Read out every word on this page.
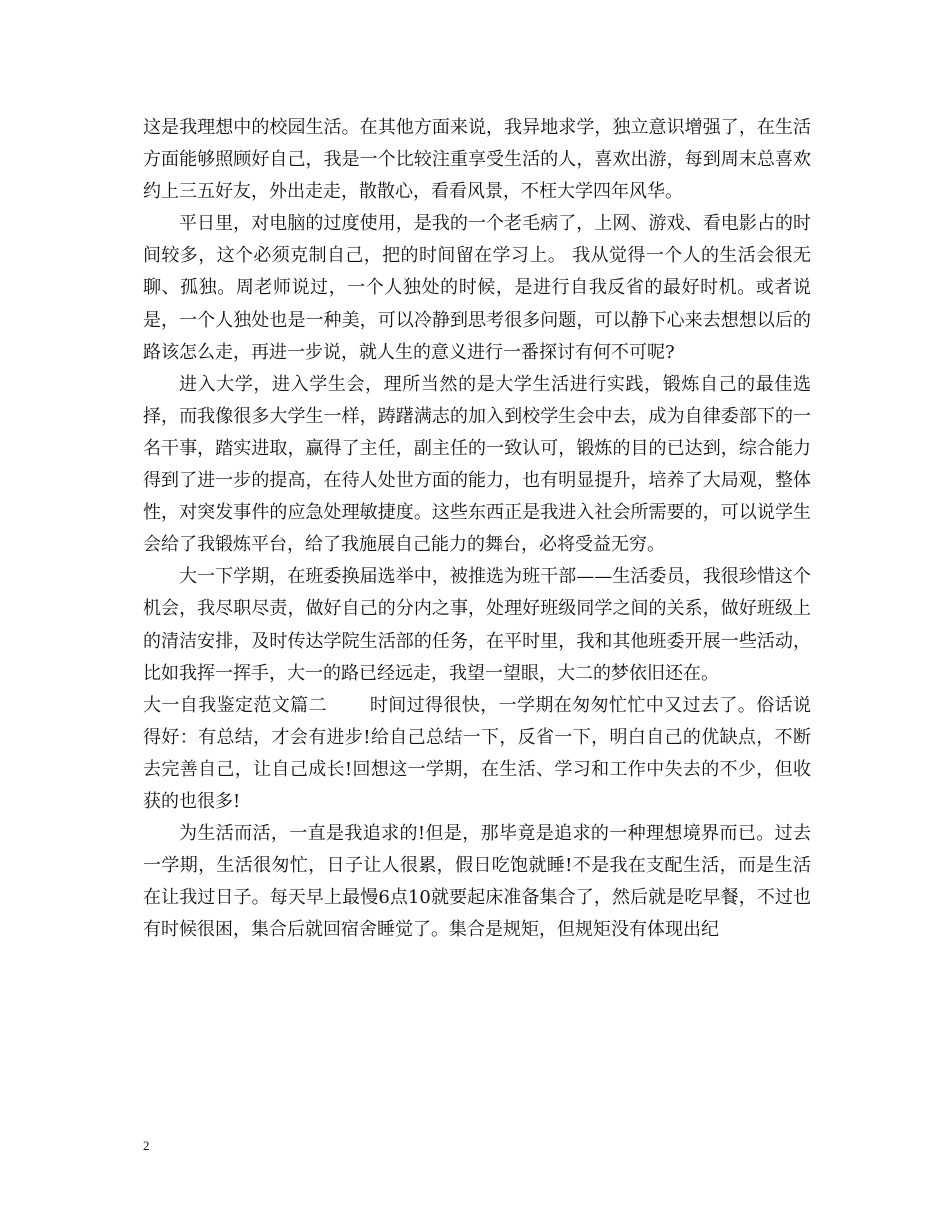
这是我理想中的校园生活。在其他方面来说，我异地求学，独立意识增强了，在生活方面能够照顾好自己，我是一个比较注重享受生活的人，喜欢出游，每到周末总喜欢约上三五好友，外出走走，散散心，看看风景，不枉大学四年风华。

平日里，对电脑的过度使用，是我的一个老毛病了，上网、游戏、看电影占的时间较多，这个必须克制自己，把的时间留在学习上。 我从觉得一个人的生活会很无聊、孤独。周老师说过，一个人独处的时候，是进行自我反省的最好时机。或者说是，一个人独处也是一种美，可以冷静到思考很多问题，可以静下心来去想想以后的路该怎么走，再进一步说，就人生的意义进行一番探讨有何不可呢?

进入大学，进入学生会，理所当然的是大学生活进行实践，锻炼自己的最佳选择，而我像很多大学生一样，踌躇满志的加入到校学生会中去，成为自律委部下的一名干事，踏实进取，赢得了主任，副主任的一致认可，锻炼的目的已达到，综合能力得到了进一步的提高，在待人处世方面的能力，也有明显提升，培养了大局观，整体性，对突发事件的应急处理敏捷度。这些东西正是我进入社会所需要的，可以说学生会给了我锻炼平台，给了我施展自己能力的舞台，必将受益无穷。

大一下学期，在班委换届选举中，被推选为班干部——生活委员，我很珍惜这个机会，我尽职尽责，做好自己的分内之事，处理好班级同学之间的关系，做好班级上的清洁安排，及时传达学院生活部的任务，在平时里，我和其他班委开展一些活动，比如我挥一挥手，大一的路已经远走，我望一望眼，大二的梦依旧还在。

大一自我鉴定范文篇二 时间过得很快，一学期在匆匆忙忙中又过去了。俗话说得好：有总结，才会有进步!给自己总结一下，反省一下，明白自己的优缺点，不断去完善自己，让自己成长!回想这一学期，在生活、学习和工作中失去的不少，但收获的也很多!

为生活而活，一直是我追求的!但是，那毕竟是追求的一种理想境界而已。过去一学期，生活很匆忙，日子让人很累，假日吃饱就睡!不是我在支配生活，而是生活在让我过日子。每天早上最慢6点10就要起床准备集合了，然后就是吃早餐，不过也有时候很困，集合后就回宿舍睡觉了。集合是规矩，但规矩没有体现出纪

2
